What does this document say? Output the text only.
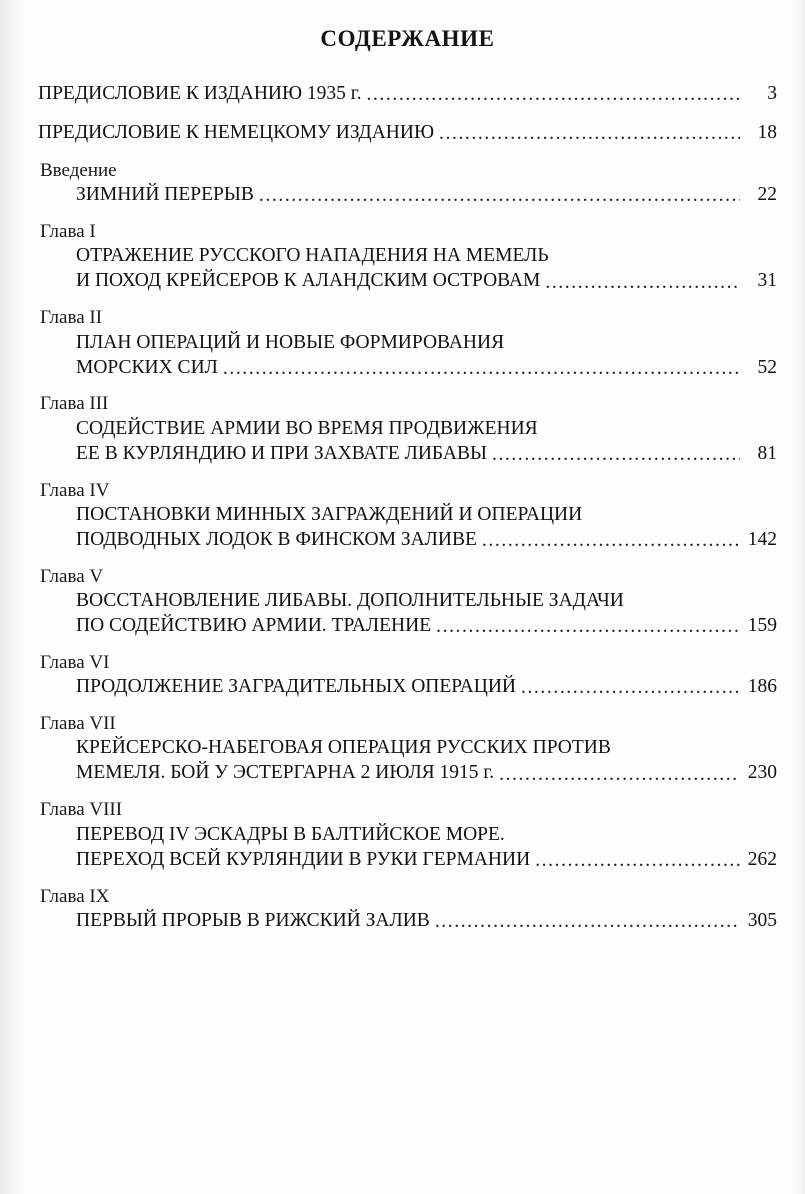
СОДЕРЖАНИЕ
ПРЕДИСЛОВИЕ К ИЗДАНИЮ 1935 г. .....	3
ПРЕДИСЛОВИЕ К НЕМЕЦКОМУ ИЗДАНИЮ .....	18
Введение
ЗИМНИЙ ПЕРЕРЫВ .....	22
Глава I
ОТРАЖЕНИЕ РУССКОГО НАПАДЕНИЯ НА МЕМЕЛЬ
И ПОХОД КРЕЙСЕРОВ К АЛАНДСКИМ ОСТРОВАМ .....	31
Глава II
ПЛАН ОПЕРАЦИЙ И НОВЫЕ ФОРМИРОВАНИЯ
МОРСКИХ СИЛ .....	52
Глава III
СОДЕЙСТВИЕ АРМИИ ВО ВРЕМЯ ПРОДВИЖЕНИЯ
ЕЕ В КУРЛЯНДИЮ И ПРИ ЗАХВАТЕ ЛИБАВЫ .....	81
Глава IV
ПОСТАНОВКИ МИННЫХ ЗАГРАЖДЕНИЙ И ОПЕРАЦИИ
ПОДВОДНЫХ ЛОДОК В ФИНСКОМ ЗАЛИВЕ .....	142
Глава V
ВОССТАНОВЛЕНИЕ ЛИБАВЫ. ДОПОЛНИТЕЛЬНЫЕ ЗАДАЧИ
ПО СОДЕЙСТВИЮ АРМИИ. ТРАЛЕНИЕ .....	159
Глава VI
ПРОДОЛЖЕНИЕ ЗАГРАДИТЕЛЬНЫХ ОПЕРАЦИЙ .....	186
Глава VII
КРЕЙСЕРСКО-НАБЕГОВАЯ ОПЕРАЦИЯ РУССКИХ ПРОТИВ
МЕМЕЛЯ. БОЙ У ЭСТЕРГАРНА 2 ИЮЛЯ 1915 г. .....	230
Глава VIII
ПЕРЕВОД IV ЭСКАДРЫ В БАЛТИЙСКОЕ МОРЕ.
ПЕРЕХОД ВСЕЙ КУРЛЯНДИИ В РУКИ ГЕРМАНИИ .....	262
Глава IX
ПЕРВЫЙ ПРОРЫВ В РИЖСКИЙ ЗАЛИВ .....	305
